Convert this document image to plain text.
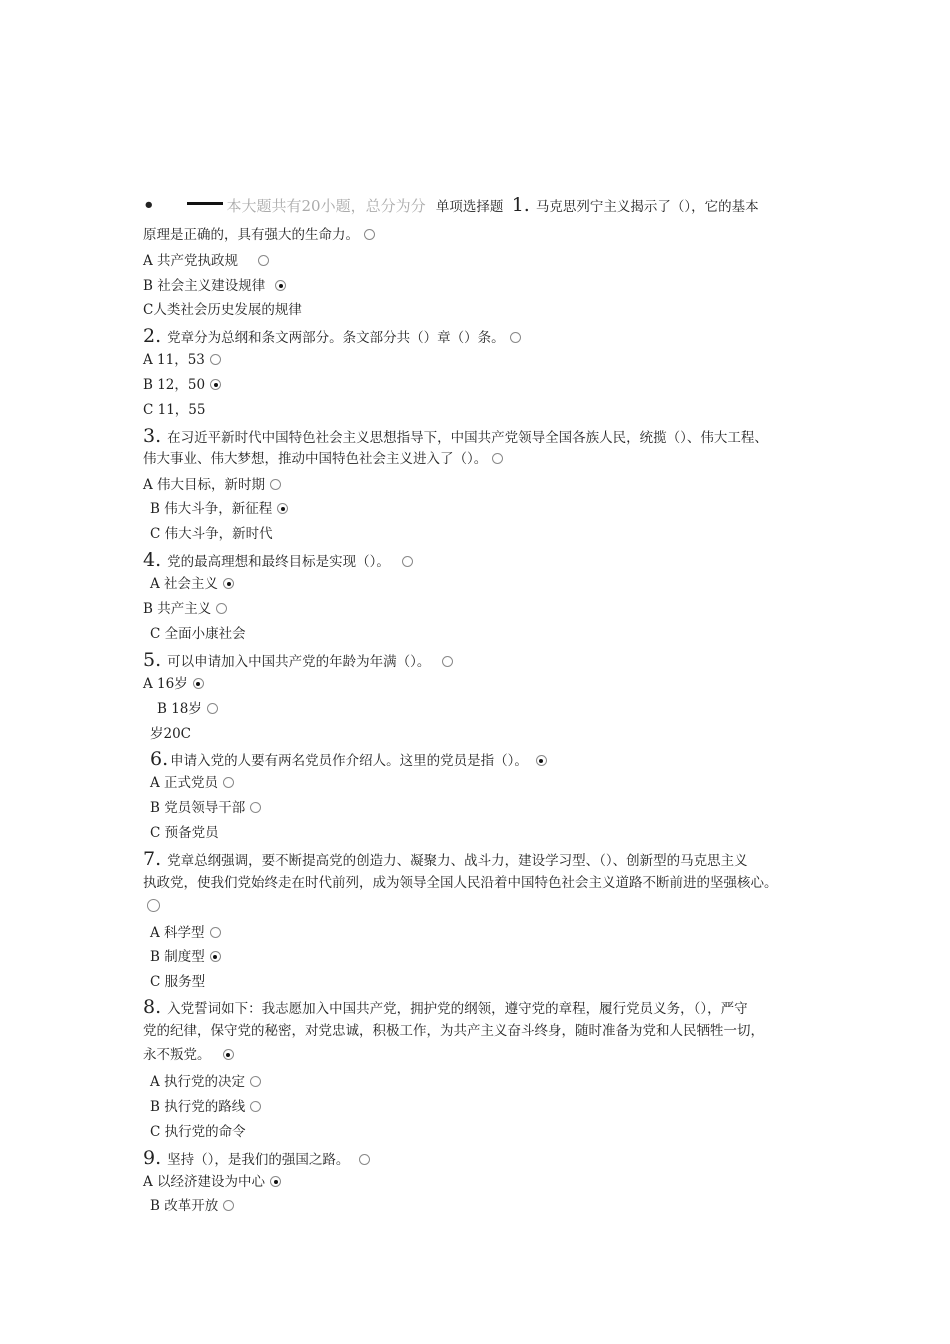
•	本大题共有20小题，总分为分 单项选择题 1. 马克思列宁主义揭示了（），它的基本
原理是正确的，具有强大的生命力。
A 共产党执政规
B 社会主义建设规律
C人类社会历史发展的规律
2. 党章分为总纲和条文两部分。条文部分共（）章（）条。
A 11，53
B 12，50
C 11，55
3. 在习近平新时代中国特色社会主义思想指导下，中国共产党领导全国各族人民，统揽（）、伟大工程、
伟大事业、伟大梦想，推动中国特色社会主义进入了（）。
A 伟大目标，新时期
B 伟大斗争，新征程
C 伟大斗争，新时代
4. 党的最高理想和最终目标是实现（）。
A 社会主义
B 共产主义
C 全面小康社会
5. 可以申请加入中国共产党的年龄为年满（）。
A 16岁
B 18岁
岁20C
6. 申请入党的人要有两名党员作介绍人。这里的党员是指（）。
A 正式党员
B 党员领导干部
C 预备党员
7. 党章总纲强调，要不断提高党的创造力、凝聚力、战斗力，建设学习型、（）、创新型的马克思主义
执政党，使我们党始终走在时代前列，成为领导全国人民沿着中国特色社会主义道路不断前进的坚强核心。
A 科学型
B 制度型
C 服务型
8. 入党誓词如下：我志愿加入中国共产党，拥护党的纲领，遵守党的章程，履行党员义务，（），严守
党的纪律，保守党的秘密，对党忠诚，积极工作，为共产主义奋斗终身，随时准备为党和人民牺牲一切，
永不叛党。
A 执行党的决定
B 执行党的路线
C 执行党的命令
9. 坚持（），是我们的强国之路。
A 以经济建设为中心
B 改革开放
